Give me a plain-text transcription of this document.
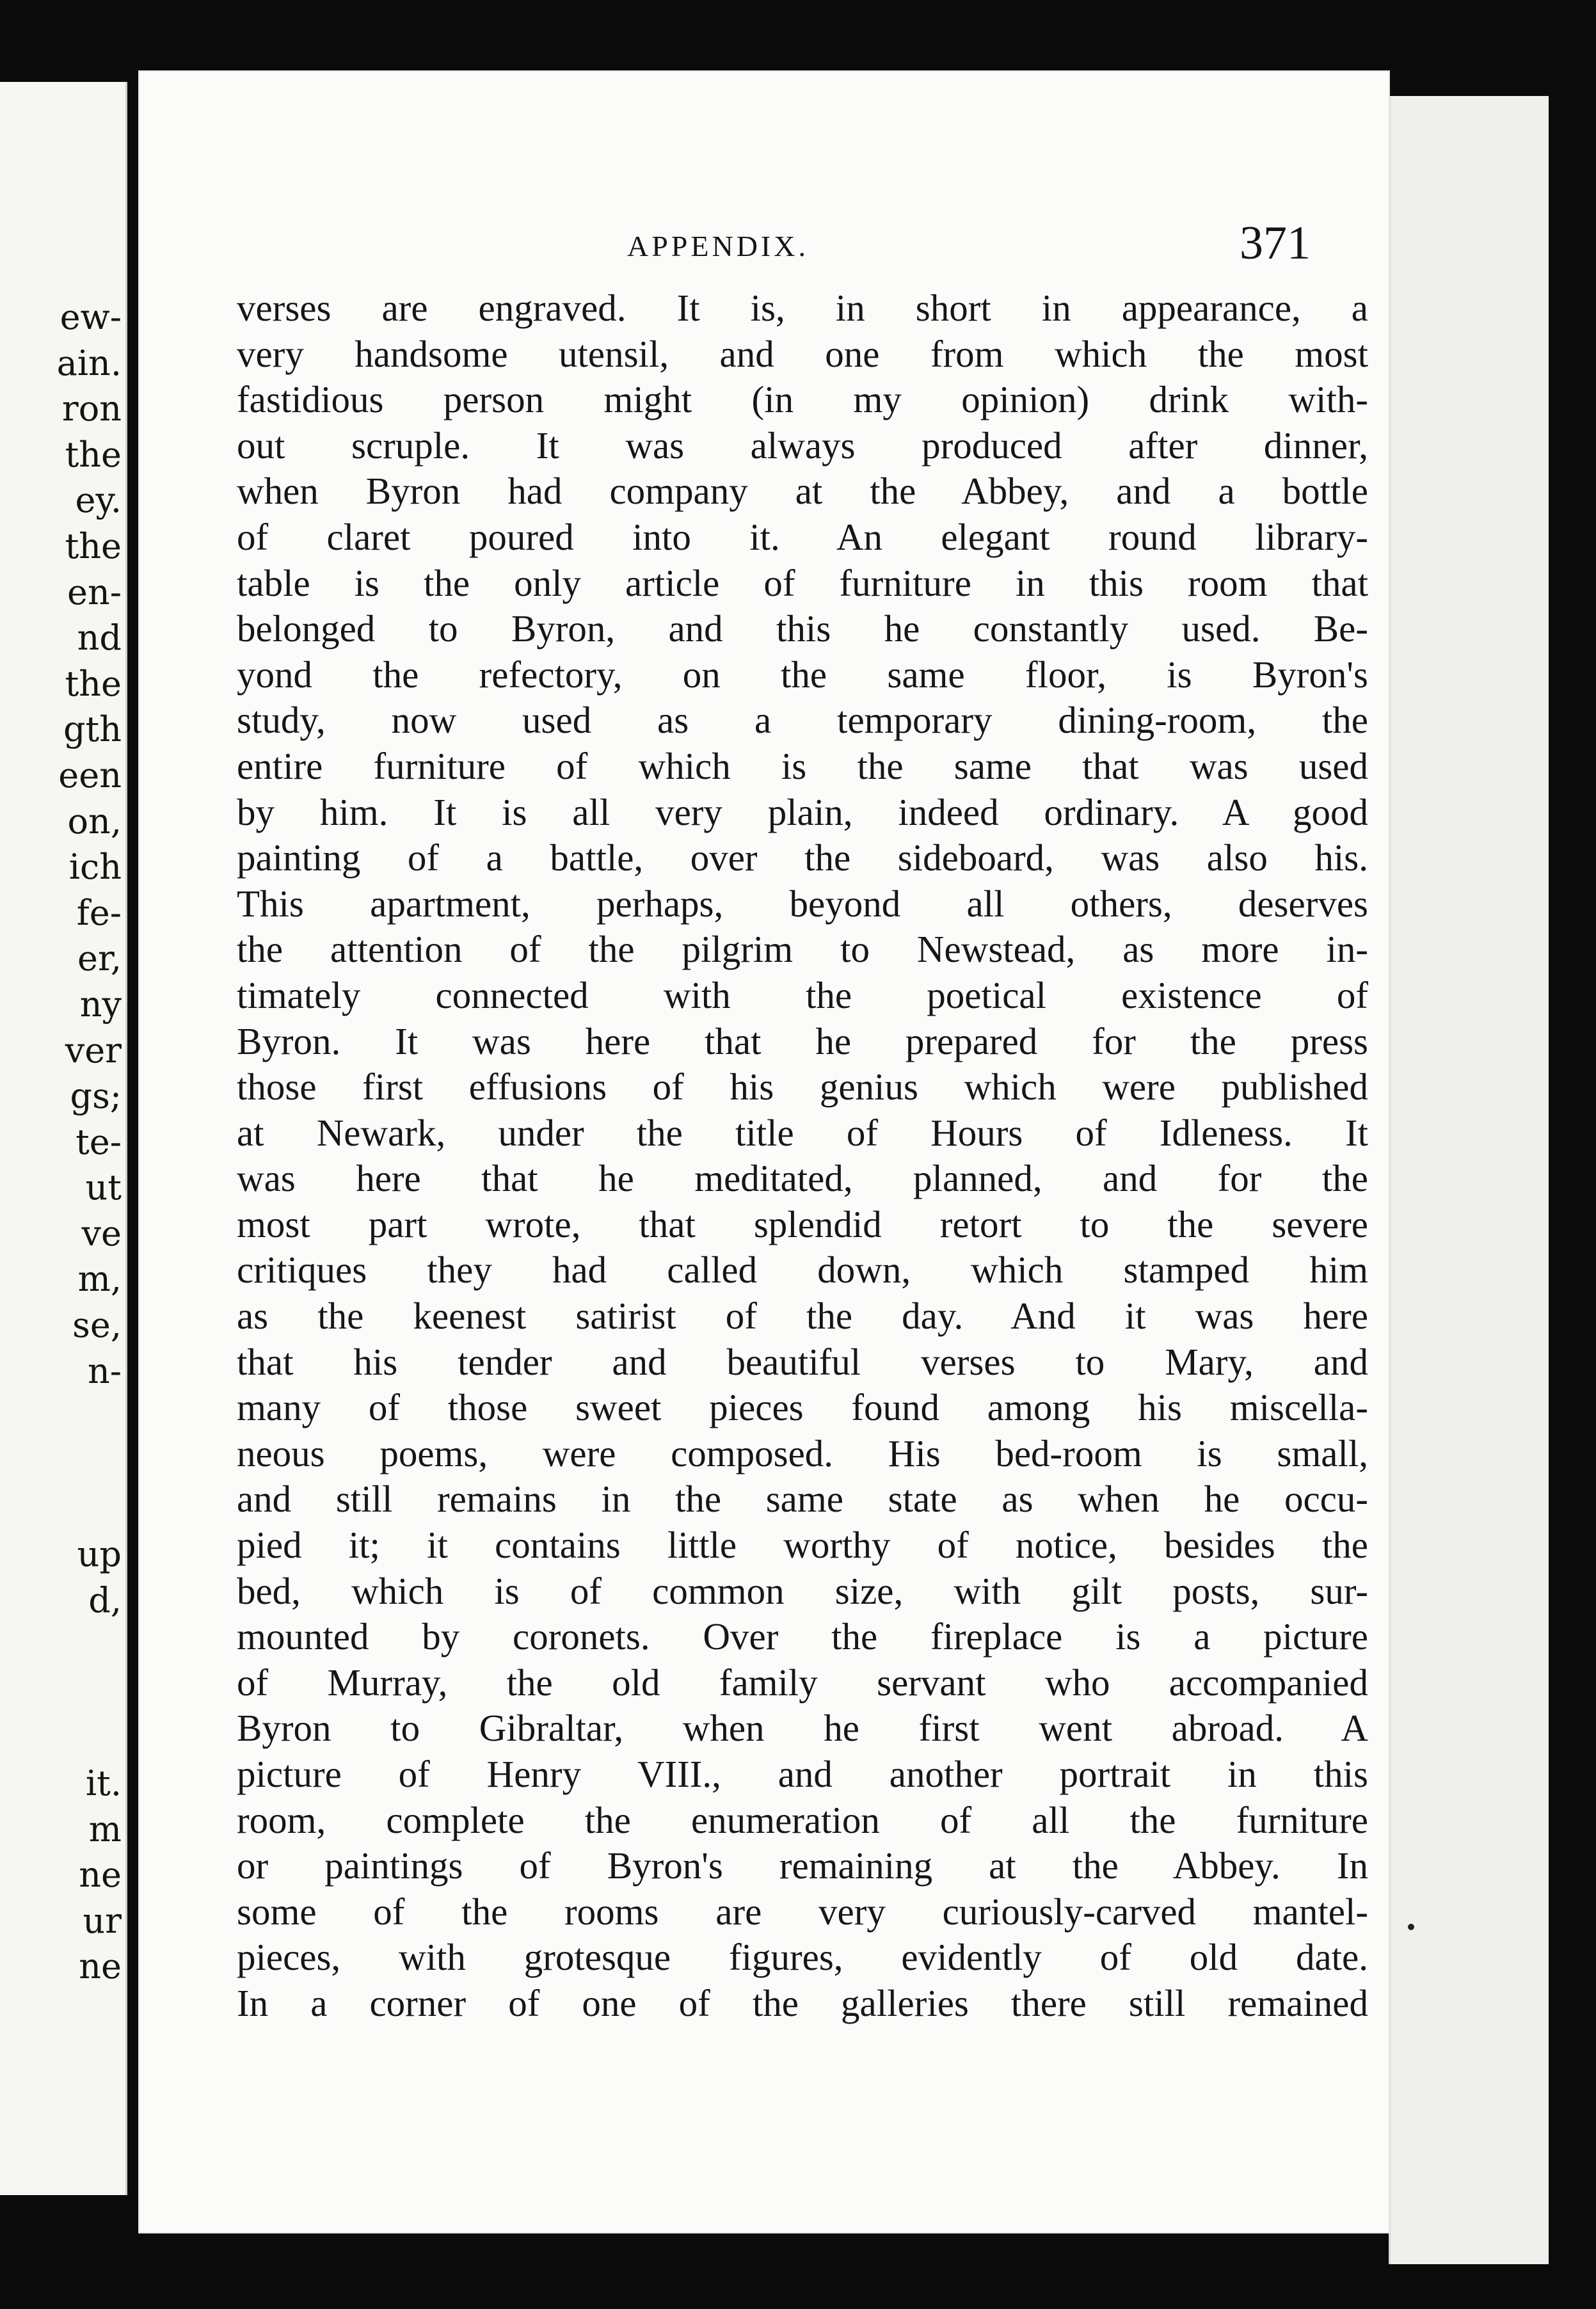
ew-
ain.
ron
the
ey.
the
en-
nd
the
gth
een
on,
ich
fe-
er,
ny
ver
gs;
te-
ut
ve
m,
se,
n-
up
d,
it.
m
ne
ur
ne
APPENDIX.	371
verses are engraved. It is, in short in appearance, a
very handsome utensil, and one from which the most
fastidious person might (in my opinion) drink with-
out scruple. It was always produced after dinner,
when Byron had company at the Abbey, and a bottle
of claret poured into it. An elegant round library-
table is the only article of furniture in this room that
belonged to Byron, and this he constantly used. Be-
yond the refectory, on the same floor, is Byron's
study, now used as a temporary dining-room, the
entire furniture of which is the same that was used
by him. It is all very plain, indeed ordinary. A good
painting of a battle, over the sideboard, was also his.
This apartment, perhaps, beyond all others, deserves
the attention of the pilgrim to Newstead, as more in-
timately connected with the poetical existence of
Byron. It was here that he prepared for the press
those first effusions of his genius which were published
at Newark, under the title of Hours of Idleness. It
was here that he meditated, planned, and for the
most part wrote, that splendid retort to the severe
critiques they had called down, which stamped him
as the keenest satirist of the day. And it was here
that his tender and beautiful verses to Mary, and
many of those sweet pieces found among his miscella-
neous poems, were composed. His bed-room is small,
and still remains in the same state as when he occu-
pied it; it contains little worthy of notice, besides the
bed, which is of common size, with gilt posts, sur-
mounted by coronets. Over the fireplace is a picture
of Murray, the old family servant who accompanied
Byron to Gibraltar, when he first went abroad. A
picture of Henry VIII., and another portrait in this
room, complete the enumeration of all the furniture
or paintings of Byron's remaining at the Abbey. In
some of the rooms are very curiously-carved mantel-
pieces, with grotesque figures, evidently of old date.
In a corner of one of the galleries there still remained
